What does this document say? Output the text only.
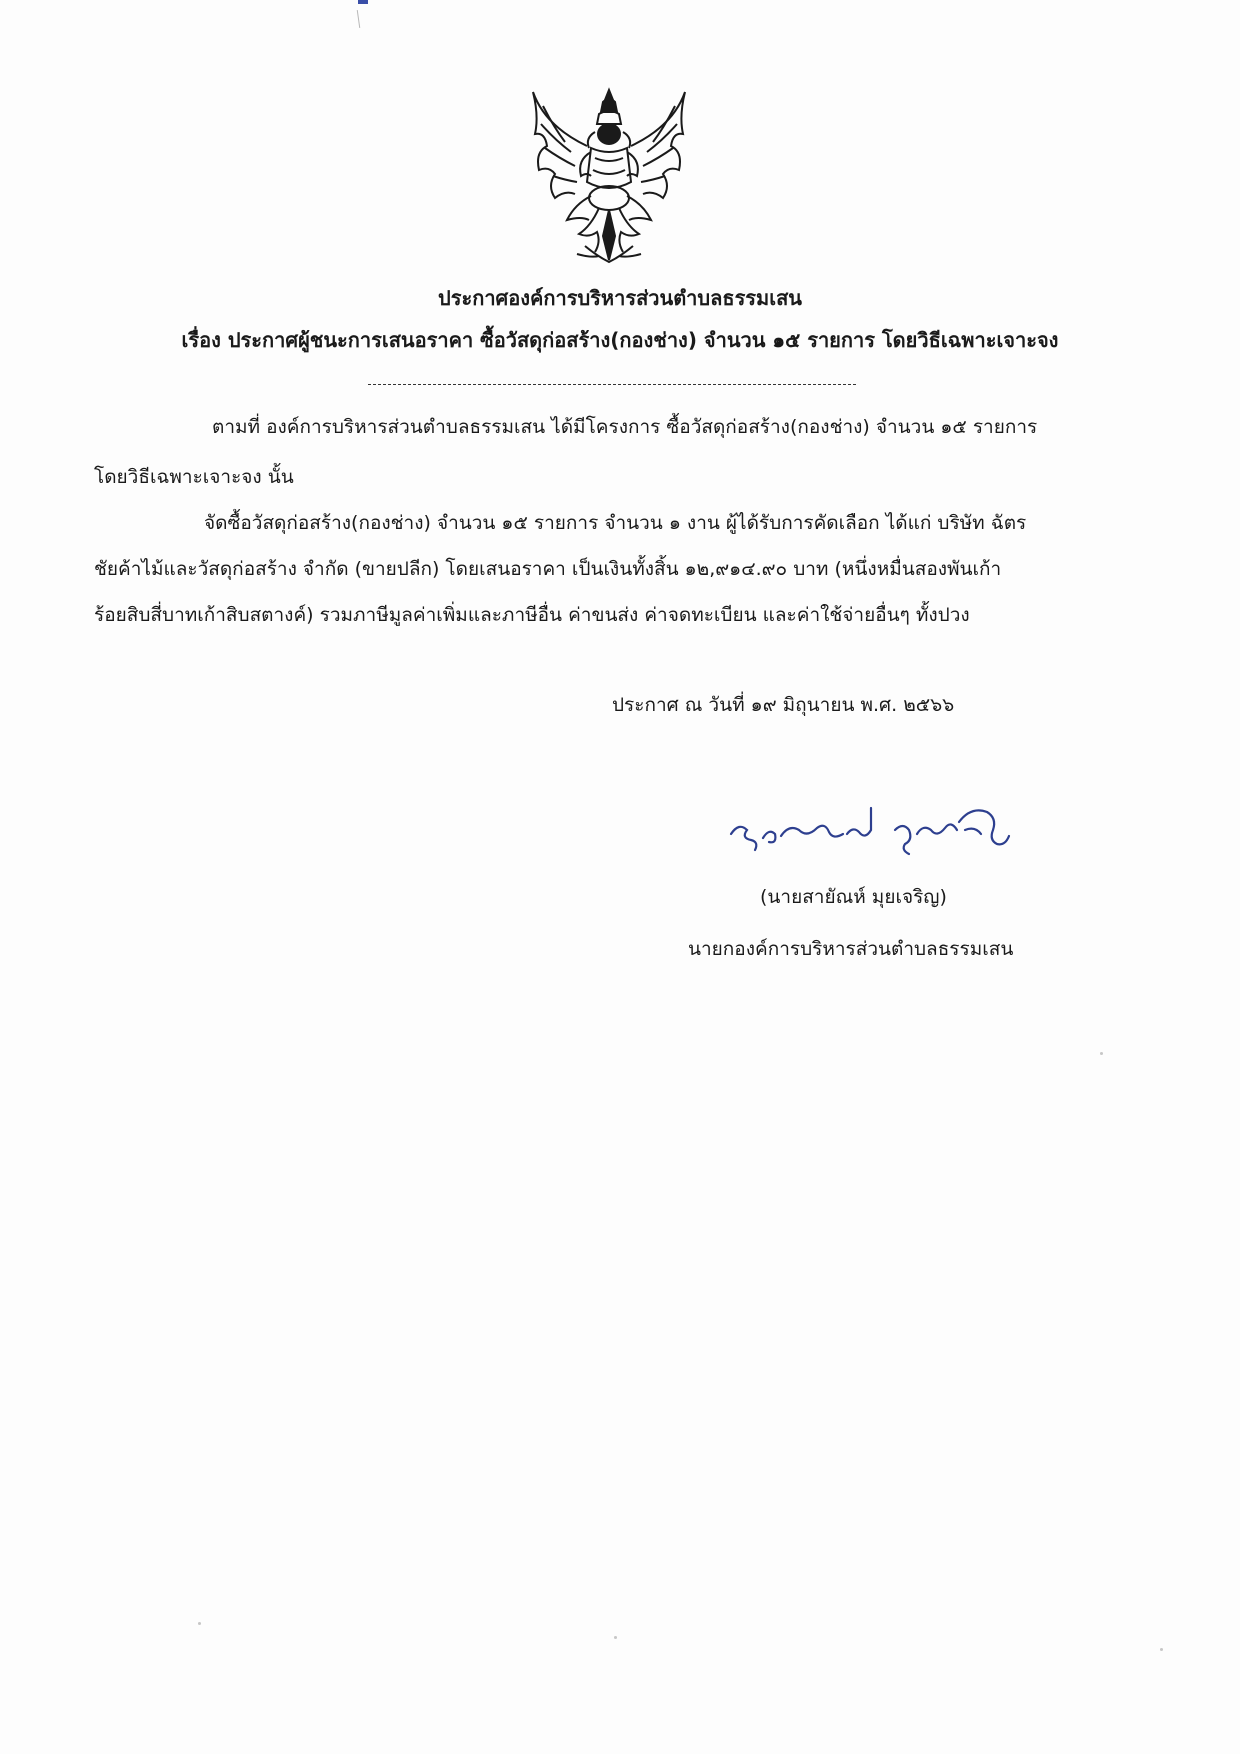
ประกาศองค์การบริหารส่วนตำบลธรรมเสน
เรื่อง ประกาศผู้ชนะการเสนอราคา ซื้อวัสดุก่อสร้าง(กองช่าง) จำนวน ๑๕ รายการ โดยวิธีเฉพาะเจาะจง
ตามที่ องค์การบริหารส่วนตำบลธรรมเสน ได้มีโครงการ ซื้อวัสดุก่อสร้าง(กองช่าง) จำนวน ๑๕ รายการ
โดยวิธีเฉพาะเจาะจง นั้น
จัดซื้อวัสดุก่อสร้าง(กองช่าง) จำนวน ๑๕ รายการ จำนวน ๑ งาน ผู้ได้รับการคัดเลือก ได้แก่ บริษัท ฉัตร
ชัยค้าไม้และวัสดุก่อสร้าง จำกัด (ขายปลีก) โดยเสนอราคา เป็นเงินทั้งสิ้น ๑๒,๙๑๔.๙๐ บาท (หนึ่งหมื่นสองพันเก้า
ร้อยสิบสี่บาทเก้าสิบสตางค์) รวมภาษีมูลค่าเพิ่มและภาษีอื่น ค่าขนส่ง ค่าจดทะเบียน และค่าใช้จ่ายอื่นๆ ทั้งปวง
ประกาศ ณ วันที่ ๑๙ มิถุนายน พ.ศ. ๒๕๖๖
(นายสายัณห์ มุยเจริญ)
นายกองค์การบริหารส่วนตำบลธรรมเสน
